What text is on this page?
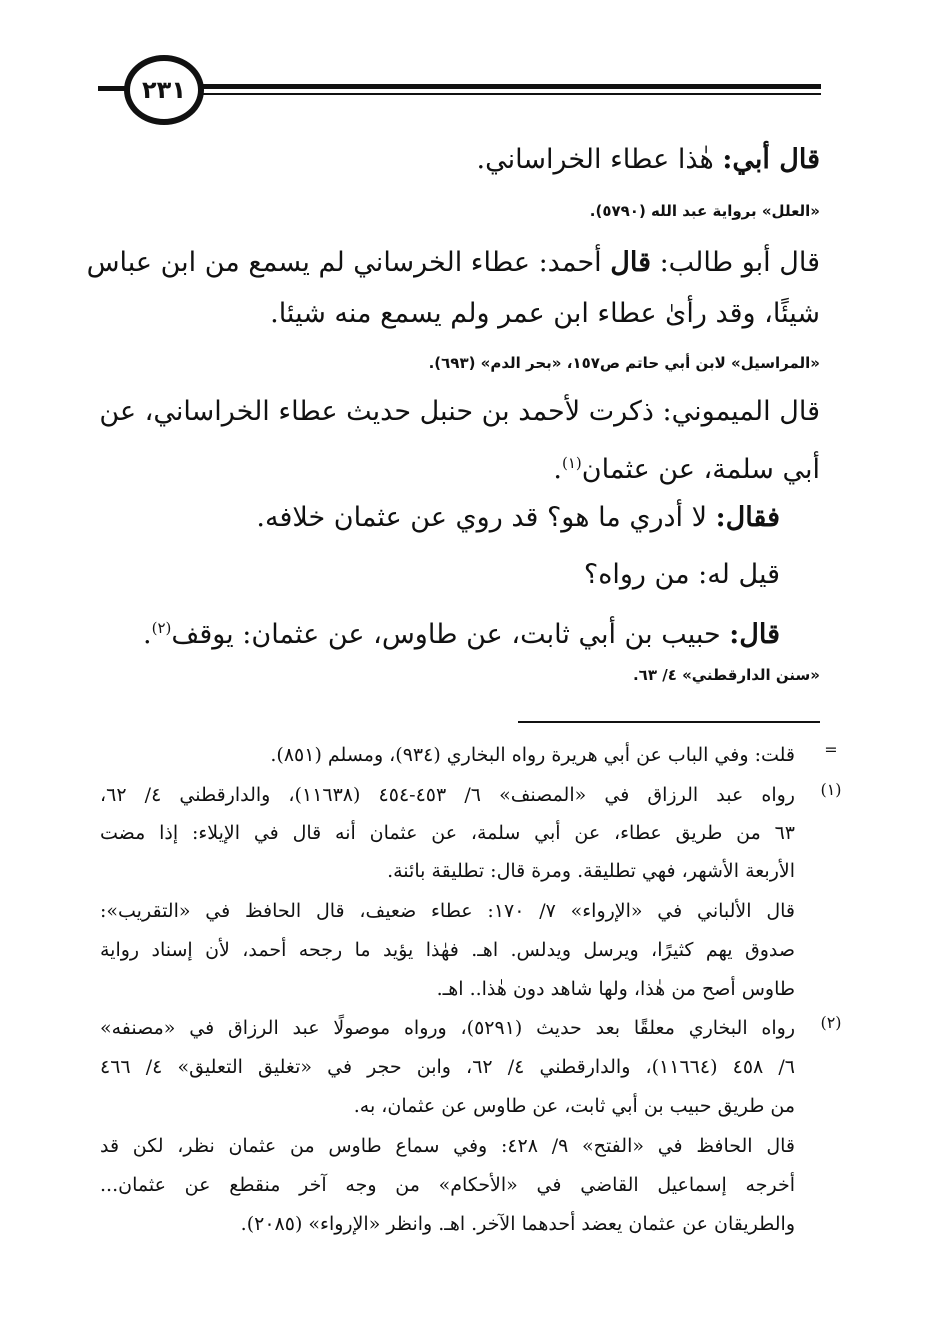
٢٣١
قال أبي: هٰذا عطاء الخراساني.
«العلل» برواية عبد الله (٥٧٩٠).
قال أبو طالب: قال أحمد: عطاء الخرساني لم يسمع من ابن عباس
شيئًا، وقد رأىٰ عطاء ابن عمر ولم يسمع منه شيئا.
«المراسيل» لابن أبي حاتم ص١٥٧، «بحر الدم» (٦٩٣).
قال الميموني: ذكرت لأحمد بن حنبل حديث عطاء الخراساني، عن
أبي سلمة، عن عثمان$^{(١)}$.
فقال: لا أدري ما هو؟ قد روي عن عثمان خلافه.
قيل له: من رواه؟
قال: حبيب بن أبي ثابت، عن طاوس، عن عثمان: يوقف$^{(٢)}$.
«سنن الدارقطني» ٤/ ٦٣.
=
قلت: وفي الباب عن أبي هريرة رواه البخاري (٩٣٤)، ومسلم (٨٥١).
(١)
رواه عبد الرزاق في «المصنف» ٦/ ٤٥٣-٤٥٤ (١١٦٣٨)، والدارقطني ٤/ ٦٢،
٦٣ من طريق عطاء، عن أبي سلمة، عن عثمان أنه قال في الإيلاء: إذا مضت
الأربعة الأشهر، فهي تطليقة. ومرة قال: تطليقة بائنة.
قال الألباني في «الإرواء» ٧/ ١٧٠: عطاء ضعيف، قال الحافظ في «التقريب»:
صدوق يهم كثيرًا، ويرسل ويدلس. اهـ. فهٰذا يؤيد ما رجحه أحمد، لأن إسناد رواية
طاوس أصح من هٰذا، ولها شاهد دون هٰذا.. اهـ.
(٢)
رواه البخاري معلقًا بعد حديث (٥٢٩١)، ورواه موصولًا عبد الرزاق في «مصنفه»
٦/ ٤٥٨ (١١٦٦٤)، والدارقطني ٤/ ٦٢، وابن حجر في «تغليق التعليق» ٤/ ٤٦٦
من طريق حبيب بن أبي ثابت، عن طاوس عن عثمان، به.
قال الحافظ في «الفتح» ٩/ ٤٢٨: وفي سماع طاوس من عثمان نظر، لكن قد
أخرجه إسماعيل القاضي في «الأحكام» من وجه آخر منقطع عن عثمان...
والطريقان عن عثمان يعضد أحدهما الآخر. اهـ. وانظر «الإرواء» (٢٠٨٥).
